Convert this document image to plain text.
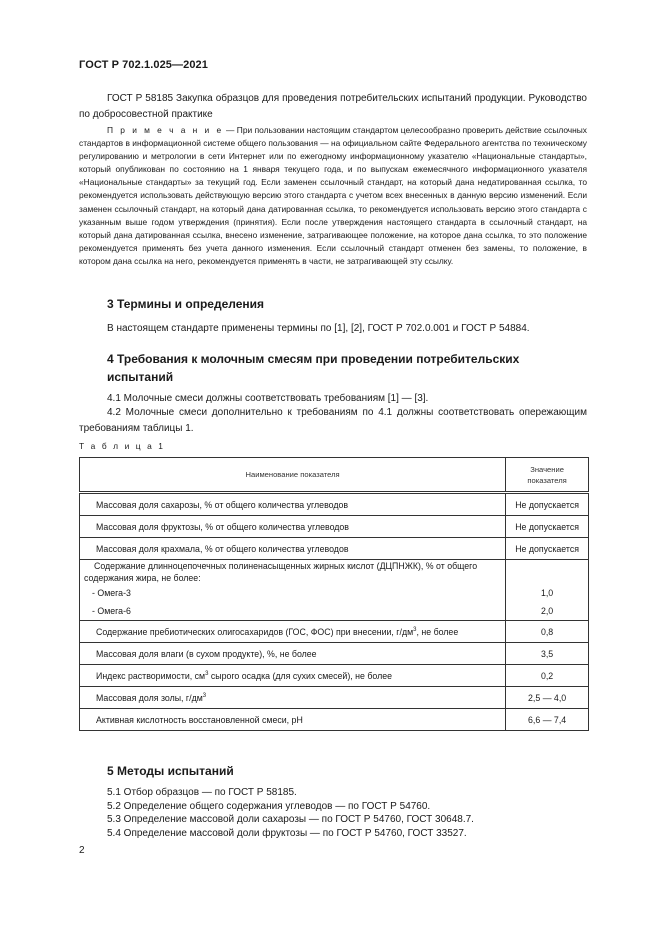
ГОСТ Р 702.1.025—2021
ГОСТ Р 58185 Закупка образцов для проведения потребительских испытаний продукции. Руководство по добросовестной практике
П р и м е ч а н и е — При пользовании настоящим стандартом целесообразно проверить действие ссылочных стандартов в информационной системе общего пользования — на официальном сайте Федерального агентства по техническому регулированию и метрологии в сети Интернет или по ежегодному информационному указателю «Национальные стандарты», который опубликован по состоянию на 1 января текущего года, и по выпускам ежемесячного информационного указателя «Национальные стандарты» за текущий год. Если заменен ссылочный стандарт, на который дана недатированная ссылка, то рекомендуется использовать действующую версию этого стандарта с учетом всех внесенных в данную версию изменений. Если заменен ссылочный стандарт, на который дана датированная ссылка, то рекомендуется использовать версию этого стандарта с указанным выше годом утверждения (принятия). Если после утверждения настоящего стандарта в ссылочный стандарт, на который дана датированная ссылка, внесено изменение, затрагивающее положение, на которое дана ссылка, то это положение рекомендуется применять без учета данного изменения. Если ссылочный стандарт отменен без замены, то положение, в котором дана ссылка на него, рекомендуется применять в части, не затрагивающей эту ссылку.
3 Термины и определения
В настоящем стандарте применены термины по [1], [2], ГОСТ Р 702.0.001 и ГОСТ Р 54884.
4 Требования к молочным смесям при проведении потребительских испытаний
4.1 Молочные смеси должны соответствовать требованиям [1] — [3].
4.2 Молочные смеси дополнительно к требованиям по 4.1 должны соответствовать опережающим требованиям таблицы 1.
Т а б л и ц а 1
Наименование показателя	Значение показателя
Массовая доля сахарозы, % от общего количества углеводов	Не допускается
Массовая доля фруктозы, % от общего количества углеводов	Не допускается
Массовая доля крахмала, % от общего количества углеводов	Не допускается
Содержание длинноцепочечных полиненасыщенных жирных кислот (ДЦПНЖК), % от общего содержания жира, не более:	
- Омега-3	1,0
- Омега-6	2,0
Содержание пребиотических олигосахаридов (ГОС, ФОС) при внесении, $г/дм^3$, не более	0,8
Массовая доля влаги (в сухом продукте), %, не более	3,5
Индекс растворимости, $см^3$ сырого осадка (для сухих смесей), не более	0,2
Массовая доля золы, $г/дм^3$	2,5 — 4,0
Активная кислотность восстановленной смеси, pH	6,6 — 7,4
5 Методы испытаний
5.1 Отбор образцов — по ГОСТ Р 58185.
5.2 Определение общего содержания углеводов — по ГОСТ Р 54760.
5.3 Определение массовой доли сахарозы — по ГОСТ Р 54760, ГОСТ 30648.7.
5.4 Определение массовой доли фруктозы — по ГОСТ Р 54760, ГОСТ 33527.
2
